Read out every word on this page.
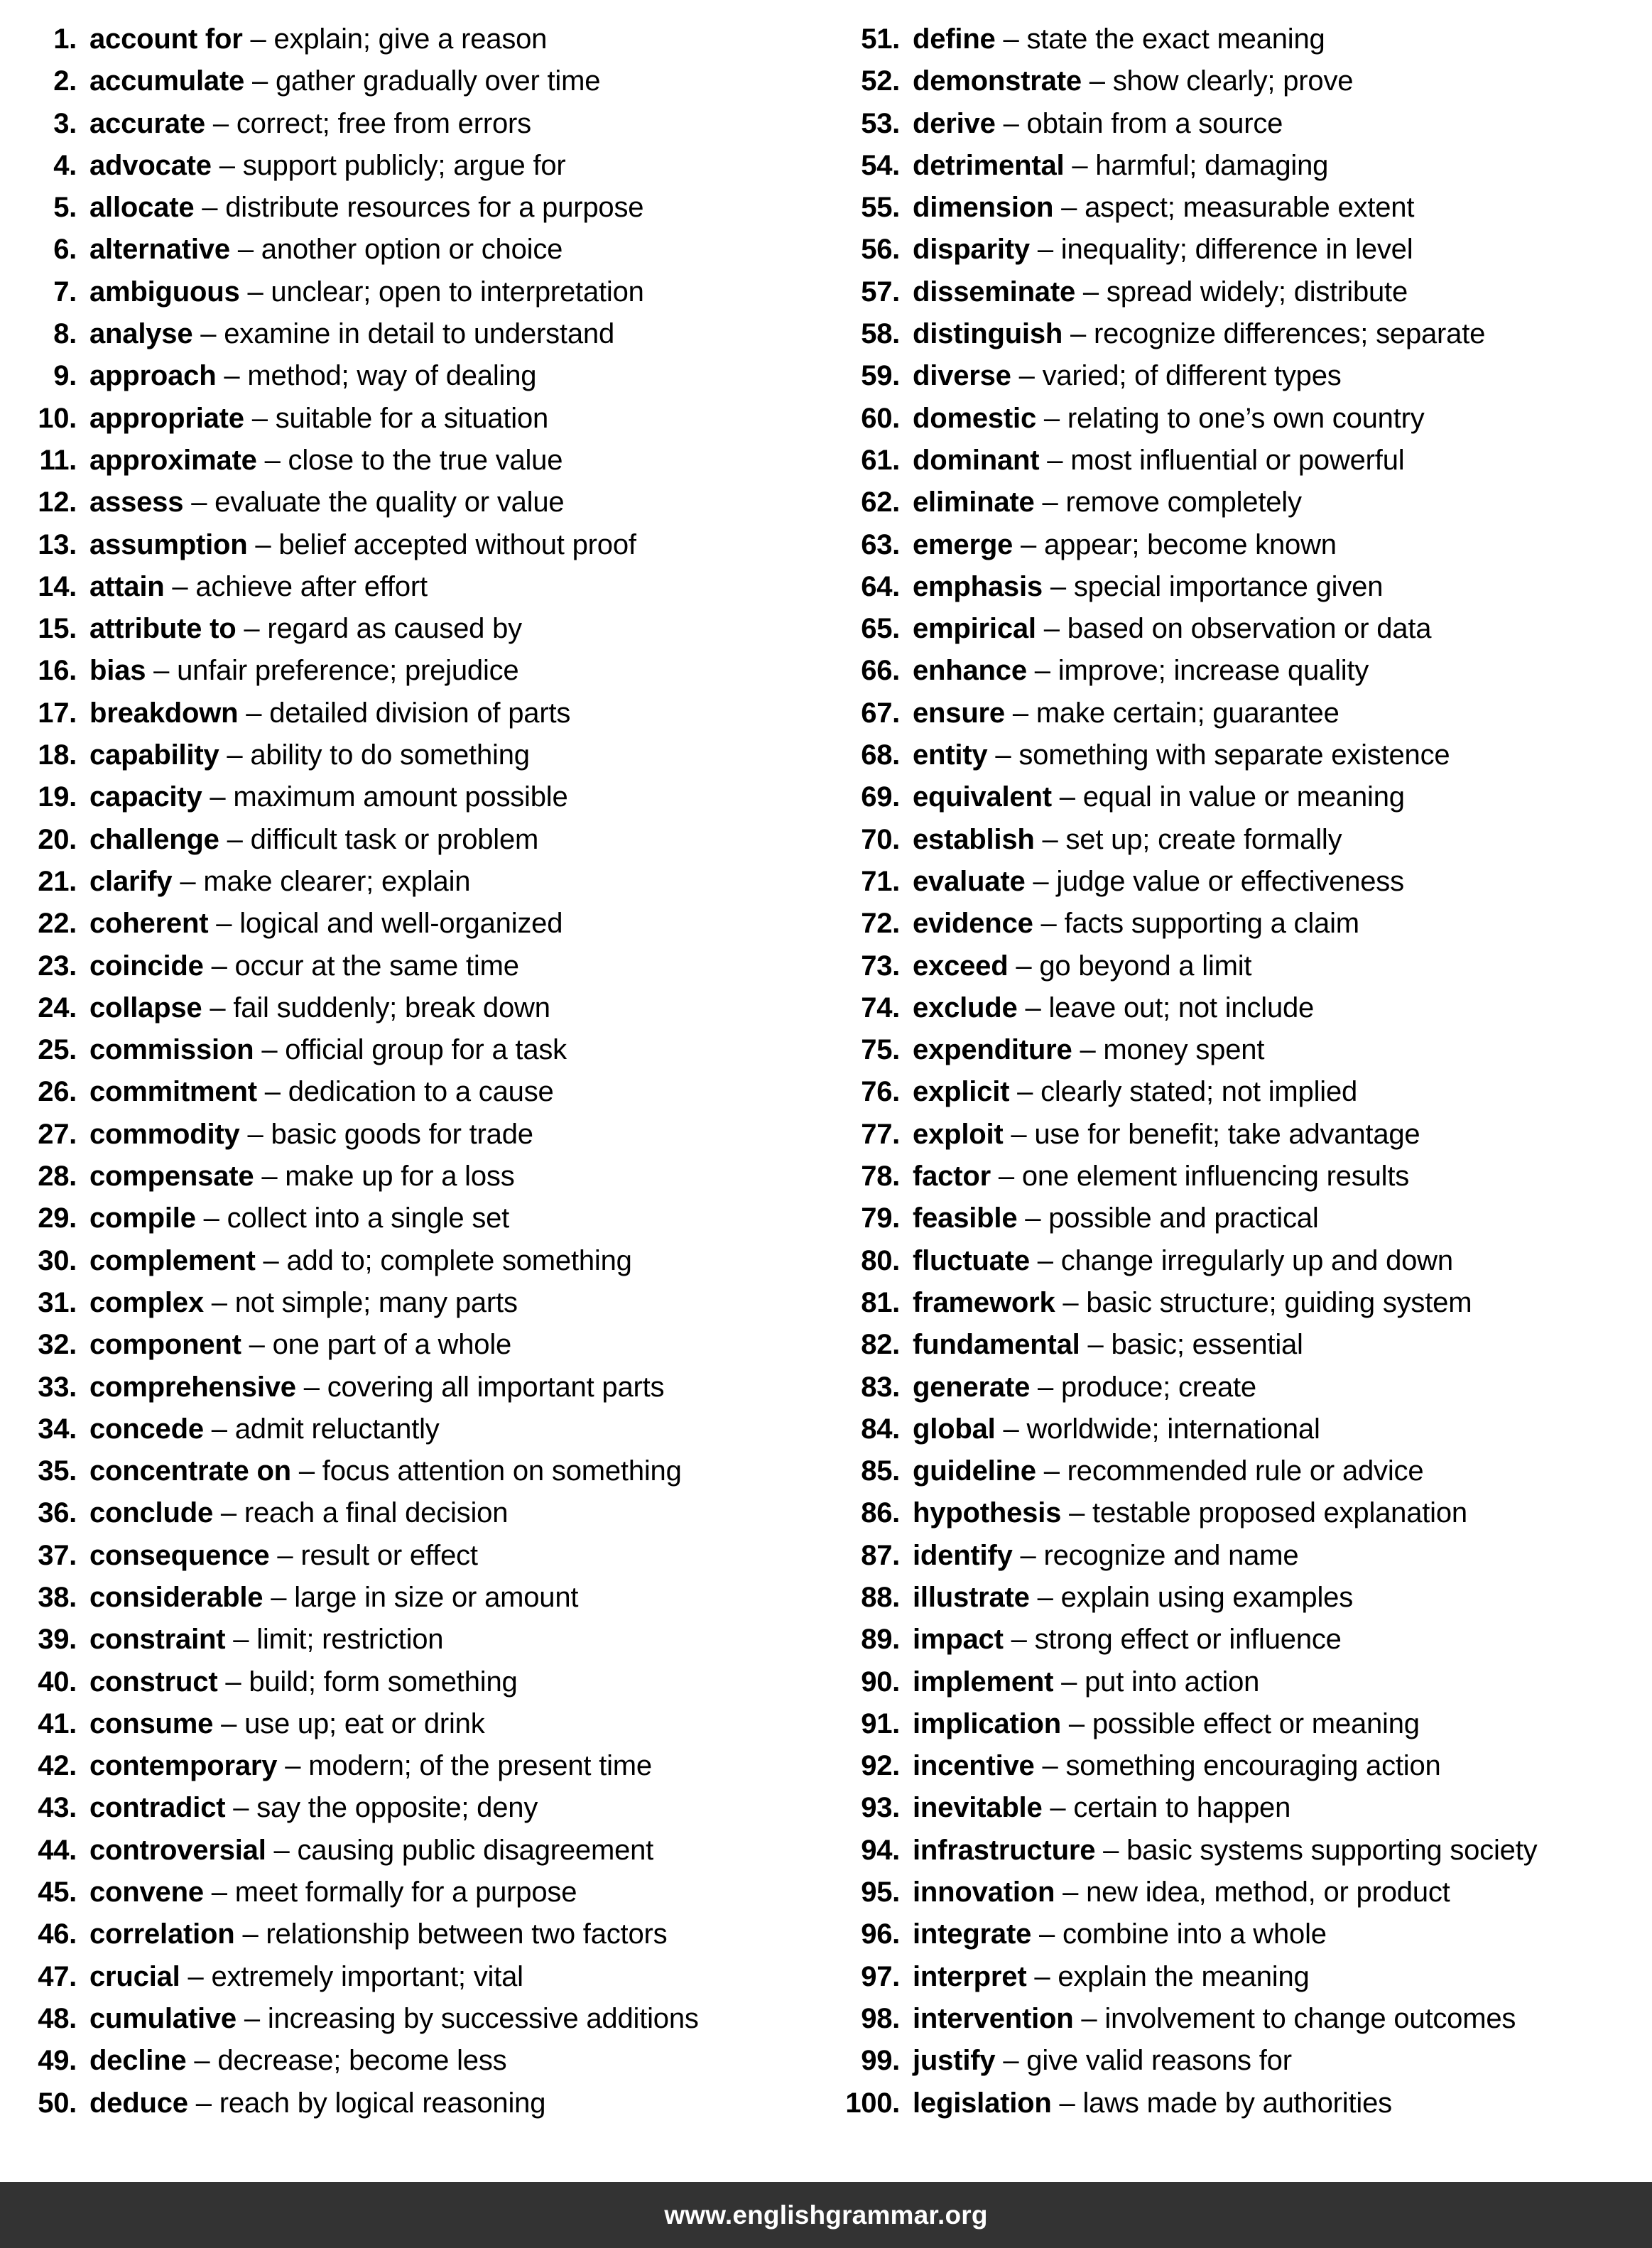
1. account for – explain; give a reason
2. accumulate – gather gradually over time
3. accurate – correct; free from errors
4. advocate – support publicly; argue for
5. allocate – distribute resources for a purpose
6. alternative – another option or choice
7. ambiguous – unclear; open to interpretation
8. analyse – examine in detail to understand
9. approach – method; way of dealing
10. appropriate – suitable for a situation
11. approximate – close to the true value
12. assess – evaluate the quality or value
13. assumption – belief accepted without proof
14. attain – achieve after effort
15. attribute to – regard as caused by
16. bias – unfair preference; prejudice
17. breakdown – detailed division of parts
18. capability – ability to do something
19. capacity – maximum amount possible
20. challenge – difficult task or problem
21. clarify – make clearer; explain
22. coherent – logical and well-organized
23. coincide – occur at the same time
24. collapse – fail suddenly; break down
25. commission – official group for a task
26. commitment – dedication to a cause
27. commodity – basic goods for trade
28. compensate – make up for a loss
29. compile – collect into a single set
30. complement – add to; complete something
31. complex – not simple; many parts
32. component – one part of a whole
33. comprehensive – covering all important parts
34. concede – admit reluctantly
35. concentrate on – focus attention on something
36. conclude – reach a final decision
37. consequence – result or effect
38. considerable – large in size or amount
39. constraint – limit; restriction
40. construct – build; form something
41. consume – use up; eat or drink
42. contemporary – modern; of the present time
43. contradict – say the opposite; deny
44. controversial – causing public disagreement
45. convene – meet formally for a purpose
46. correlation – relationship between two factors
47. crucial – extremely important; vital
48. cumulative – increasing by successive additions
49. decline – decrease; become less
50. deduce – reach by logical reasoning
51. define – state the exact meaning
52. demonstrate – show clearly; prove
53. derive – obtain from a source
54. detrimental – harmful; damaging
55. dimension – aspect; measurable extent
56. disparity – inequality; difference in level
57. disseminate – spread widely; distribute
58. distinguish – recognize differences; separate
59. diverse – varied; of different types
60. domestic – relating to one’s own country
61. dominant – most influential or powerful
62. eliminate – remove completely
63. emerge – appear; become known
64. emphasis – special importance given
65. empirical – based on observation or data
66. enhance – improve; increase quality
67. ensure – make certain; guarantee
68. entity – something with separate existence
69. equivalent – equal in value or meaning
70. establish – set up; create formally
71. evaluate – judge value or effectiveness
72. evidence – facts supporting a claim
73. exceed – go beyond a limit
74. exclude – leave out; not include
75. expenditure – money spent
76. explicit – clearly stated; not implied
77. exploit – use for benefit; take advantage
78. factor – one element influencing results
79. feasible – possible and practical
80. fluctuate – change irregularly up and down
81. framework – basic structure; guiding system
82. fundamental – basic; essential
83. generate – produce; create
84. global – worldwide; international
85. guideline – recommended rule or advice
86. hypothesis – testable proposed explanation
87. identify – recognize and name
88. illustrate – explain using examples
89. impact – strong effect or influence
90. implement – put into action
91. implication – possible effect or meaning
92. incentive – something encouraging action
93. inevitable – certain to happen
94. infrastructure – basic systems supporting society
95. innovation – new idea, method, or product
96. integrate – combine into a whole
97. interpret – explain the meaning
98. intervention – involvement to change outcomes
99. justify – give valid reasons for
100. legislation – laws made by authorities
www.englishgrammar.org
